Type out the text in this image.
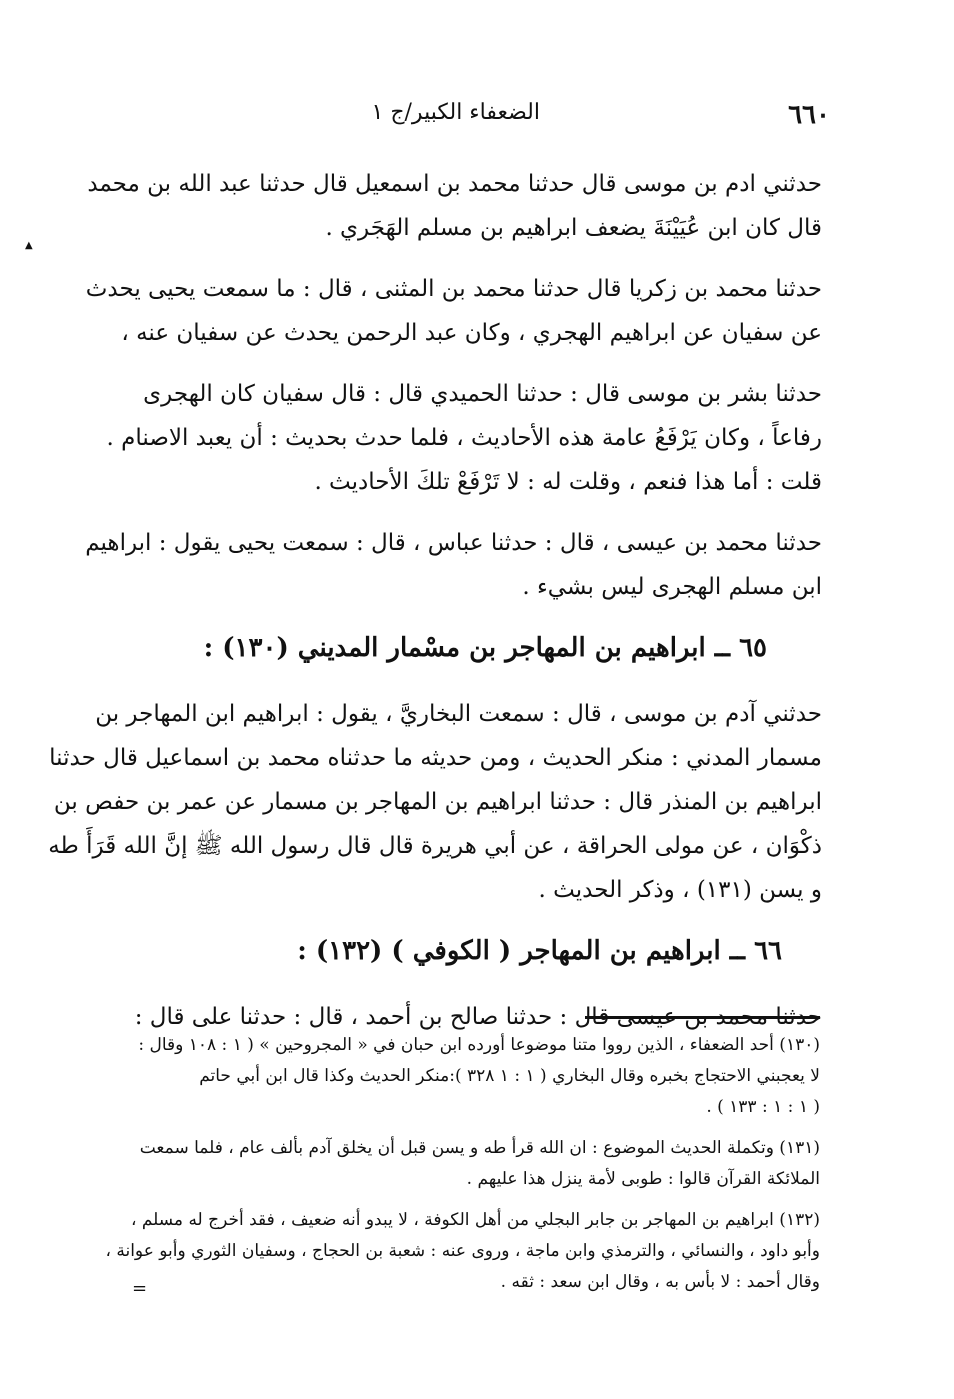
▲
٦٦٠
الضعفاء الكبير/ج ١
حدثني ادم بن موسى قال حدثنا محمد بن اسمعيل قال حدثنا عبد الله بن محمد
قال كان ابن عُيَيْنَةَ يضعف ابراهيم بن مسلم الهَجَري .
حدثنا محمد بن زكريا قال حدثنا محمد بن المثنى ، قال : ما سمعت يحيى يحدث
عن سفيان عن ابراهيم الهجري ، وكان عبد الرحمن يحدث عن سفيان عنه ،
حدثنا بشر بن موسى قال : حدثنا الحميدي قال : قال سفيان كان الهجرى
رفاعاً ، وكان يَرْفَعُ عامة هذه الأحاديث ، فلما حدث بحديث : أن يعبد الاصنام .
قلت : أما هذا فنعم ، وقلت له : لا تَرْفَعْ تلكَ الأحاديث .
حدثنا محمد بن عيسى ، قال : حدثنا عباس ، قال : سمعت يحيى يقول : ابراهيم
ابن مسلم الهجرى ليس بشيء .
٦٥ ــ ابراهيم بن المهاجر بن مسْمار المديني (١٣٠) :
حدثني آدم بن موسى ، قال : سمعت البخاريَّ ، يقول : ابراهيم ابن المهاجر بن
مسمار المدني : منكر الحديث ، ومن حديثه ما حدثناه محمد بن اسماعيل قال حدثنا
ابراهيم بن المنذر قال : حدثنا ابراهيم بن المهاجر بن مسمار عن عمر بن حفص بن
ذكْوَان ، عن مولى الحراقة ، عن أبي هريرة قال قال رسول الله ﷺ إنَّ الله قَرَأَ طه
و يسن (١٣١) ، وذكر الحديث .
٦٦ ــ ابراهيم بن المهاجر ( الكوفي ) (١٣٢) :
حدثنا محمد بن عيسى قال : حدثنا صالح بن أحمد ، قال : حدثنا على قال :
(١٣٠) أحد الضعفاء ، الذين رووا متنا موضوعا أورده ابن حبان في « المجروحين » ( ١ : ١٠٨ وقال :
لا يعجبني الاحتجاج بخبره وقال البخاري ( ١ : ١ ٣٢٨ ):منكر الحديث وكذا قال ابن أبي حاتم
( ١ : ١ : ١٣٣ ) .
(١٣١) وتكملة الحديث الموضوع : ان الله قرأ طه و يسن قبل أن يخلق آدم بألف عام ، فلما سمعت
الملائكة القرآن قالوا : طوبى لأمة ينزل هذا عليهم .
(١٣٢) ابراهيم بن المهاجر بن جابر البجلي من أهل الكوفة ، لا يبدو أنه ضعيف ، فقد أخرج له مسلم ،
وأبو داود ، والنسائي ، والترمذي وابن ماجة ، وروى عنه : شعبة بن الحجاج ، وسفيان الثوري وأبو عوانة ،
وقال أحمد : لا بأس به ، وقال ابن سعد : ثقه .
=
